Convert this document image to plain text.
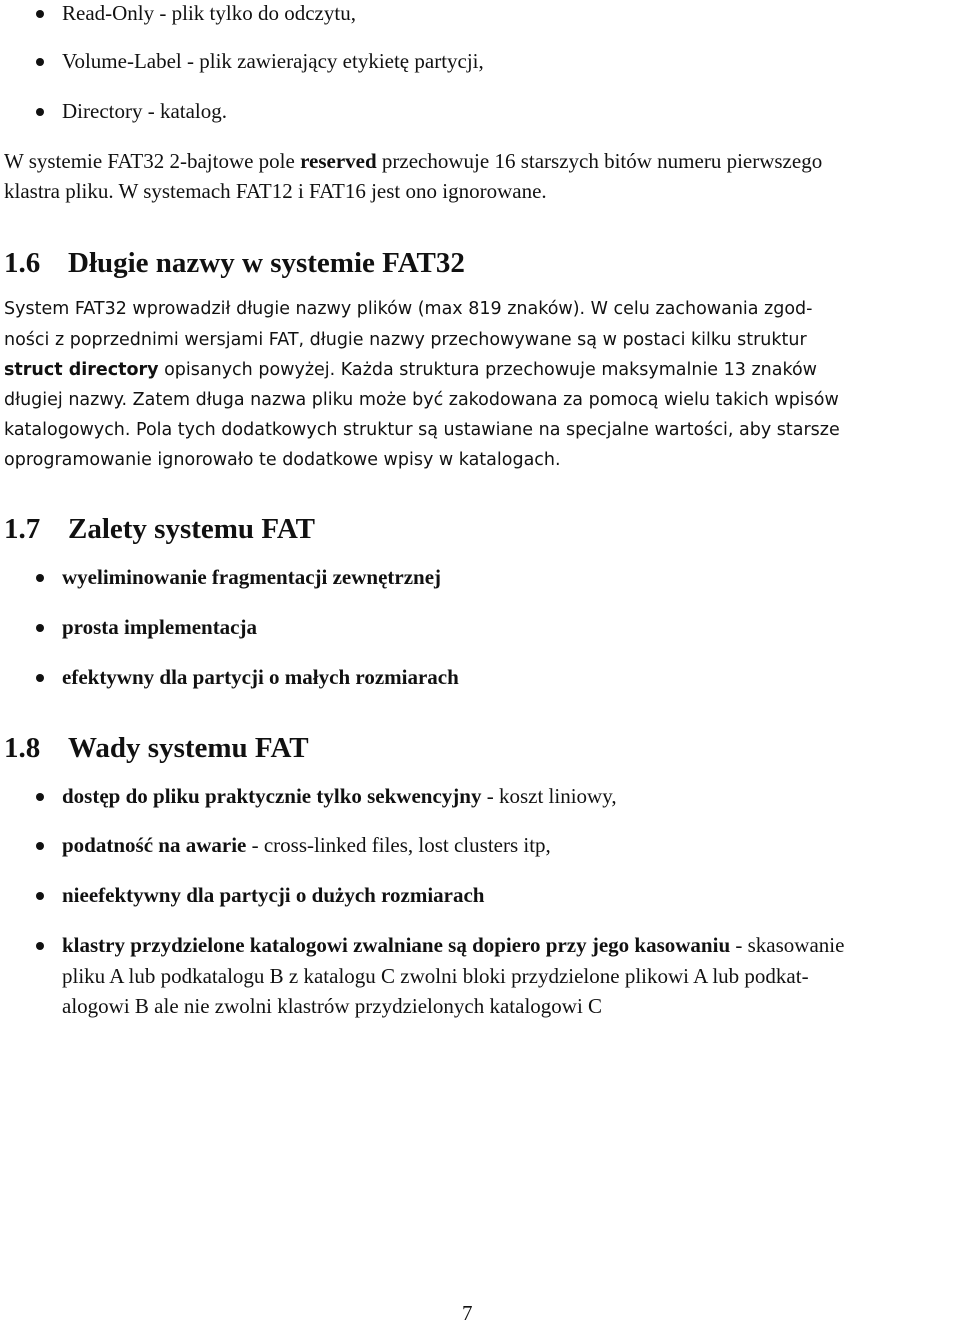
Read-Only - plik tylko do odczytu,
Volume-Label - plik zawierający etykietę partycji,
Directory - katalog.
W systemie FAT32 2-bajtowe pole reserved przechowuje 16 starszych bitów numeru pierwszego
klastra pliku. W systemach FAT12 i FAT16 jest ono ignorowane.
1.6 Długie nazwy w systemie FAT32
System FAT32 wprowadził długie nazwy plików (max 819 znaków). W celu zachowania zgod-
ności z poprzednimi wersjami FAT, długie nazwy przechowywane są w postaci kilku struktur
struct directory opisanych powyżej. Każda struktura przechowuje maksymalnie 13 znaków
długiej nazwy. Zatem długa nazwa pliku może być zakodowana za pomocą wielu takich wpisów
katalogowych. Pola tych dodatkowych struktur są ustawiane na specjalne wartości, aby starsze
oprogramowanie ignorowało te dodatkowe wpisy w katalogach.
1.7 Zalety systemu FAT
wyeliminowanie fragmentacji zewnętrznej
prosta implementacja
efektywny dla partycji o małych rozmiarach
1.8 Wady systemu FAT
dostęp do pliku praktycznie tylko sekwencyjny - koszt liniowy,
podatność na awarie - cross-linked files, lost clusters itp,
nieefektywny dla partycji o dużych rozmiarach
klastry przydzielone katalogowi zwalniane są dopiero przy jego kasowaniu - skasowanie
pliku A lub podkatalogu B z katalogu C zwolni bloki przydzielone plikowi A lub podkat-
alogowi B ale nie zwolni klastrów przydzielonych katalogowi C
7
